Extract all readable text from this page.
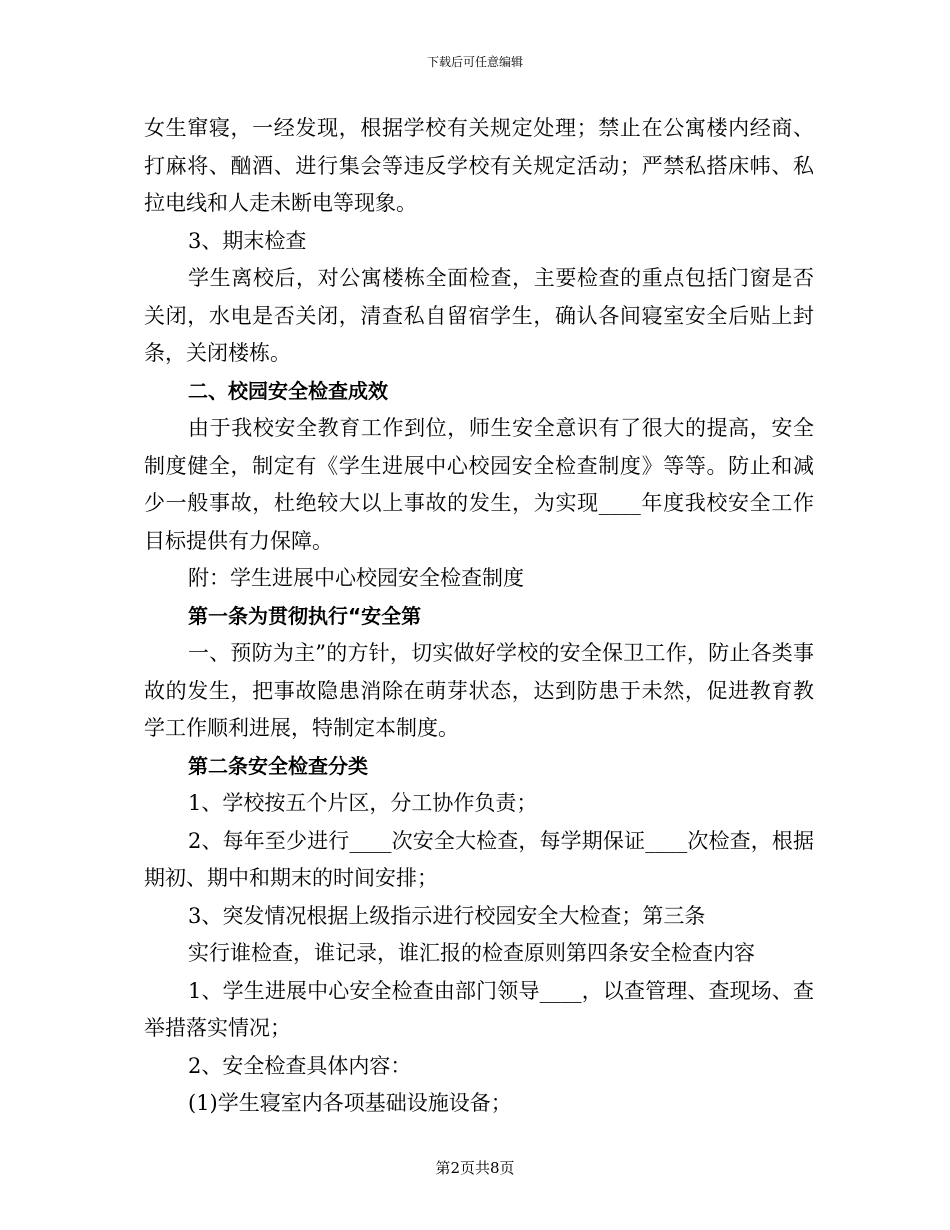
下载后可任意编辑

女生窜寝，一经发现，根据学校有关规定处理；禁止在公寓楼内经商、打麻将、酗酒、进行集会等违反学校有关规定活动；严禁私搭床帏、私拉电线和人走未断电等现象。

3、期末检查

学生离校后，对公寓楼栋全面检查，主要检查的重点包括门窗是否关闭，水电是否关闭，清查私自留宿学生，确认各间寝室安全后贴上封条，关闭楼栋。

二、校园安全检查成效

由于我校安全教育工作到位，师生安全意识有了很大的提高，安全制度健全，制定有《学生进展中心校园安全检查制度》等等。防止和减少一般事故，杜绝较大以上事故的发生，为实现____年度我校安全工作目标提供有力保障。

附：学生进展中心校园安全检查制度

第一条为贯彻执行“安全第

一、预防为主”的方针，切实做好学校的安全保卫工作，防止各类事故的发生，把事故隐患消除在萌芽状态，达到防患于未然，促进教育教学工作顺利进展，特制定本制度。

第二条安全检查分类

1、学校按五个片区，分工协作负责；

2、每年至少进行____次安全大检查，每学期保证____次检查，根据期初、期中和期末的时间安排；

3、突发情况根据上级指示进行校园安全大检查；第三条

实行谁检查，谁记录，谁汇报的检查原则第四条安全检查内容

1、学生进展中心安全检查由部门领导____，以查管理、查现场、查举措落实情况；

2、安全检查具体内容：

(1)学生寝室内各项基础设施设备；

第2页共8页
